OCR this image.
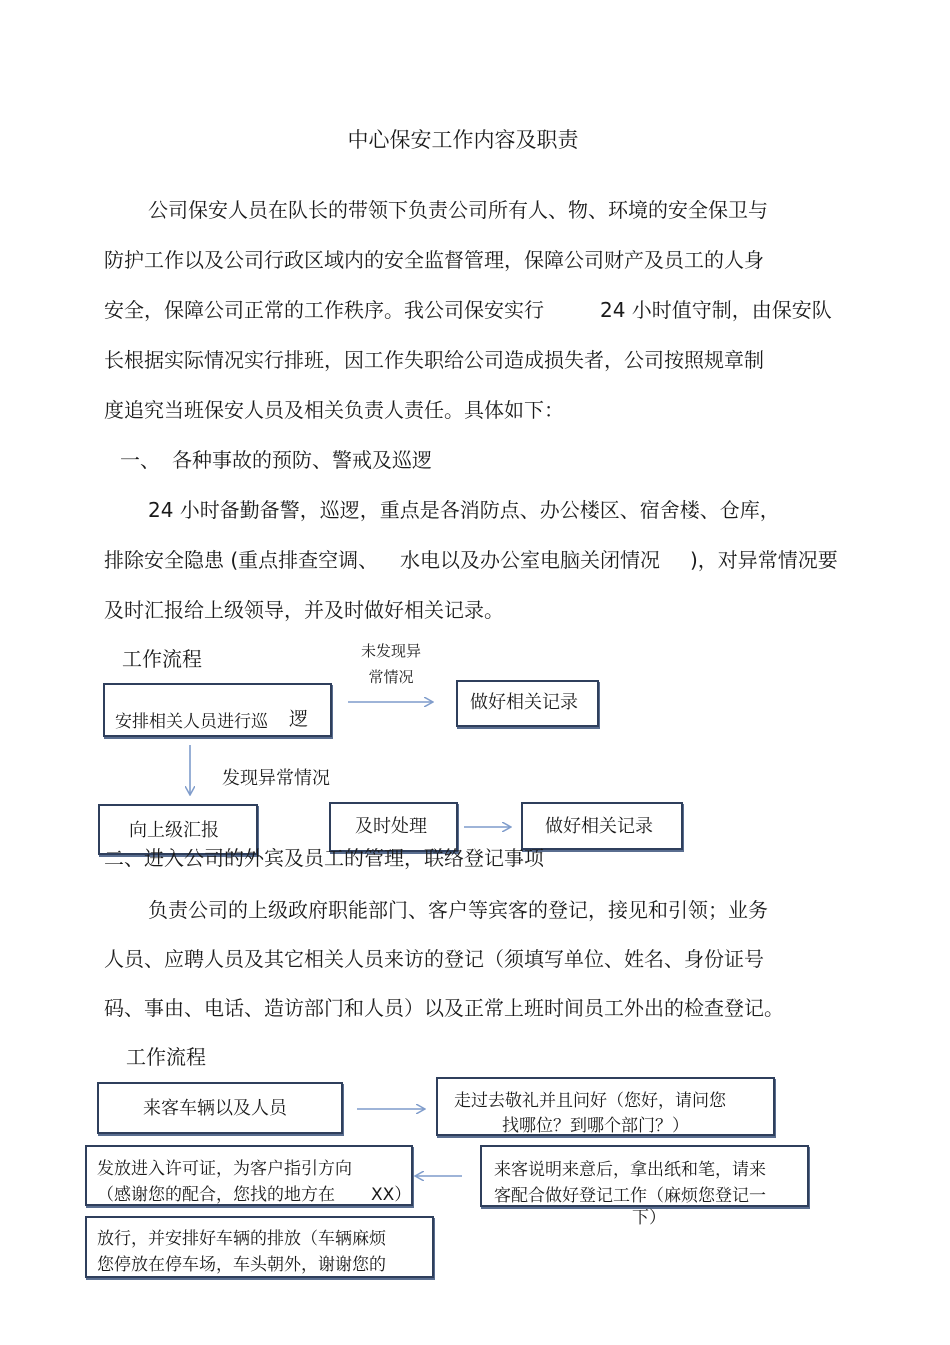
中心保安工作内容及职责
公司保安人员在队长的带领下负责公司所有人、物、环境的安全保卫与
防护工作以及公司行政区域内的安全监督管理，保障公司财产及员工的人身
安全，保障公司正常的工作秩序。我公司保安实行	24 小时值守制，由保安队
长根据实际情况实行排班，因工作失职给公司造成损失者，公司按照规章制
度追究当班保安人员及相关负责人责任。具体如下：
一、 各种事故的预防、警戒及巡逻
24 小时备勤备警，巡逻，重点是各消防点、办公楼区、宿舍楼、仓库，
排除安全隐患 (重点排查空调、 水电以及办公室电脑关闭情况 )，对异常情况要
及时汇报给上级领导，并及时做好相关记录。
工作流程	未发现异
常情况
安排相关人员进行巡 逻
做好相关记录
发现异常情况
向上级汇报	及时处理	做好相关记录
二、进入公司的外宾及员工的管理，联络登记事项
负责公司的上级政府职能部门、客户等宾客的登记，接见和引领；业务
人员、应聘人员及其它相关人员来访的登记（须填写单位、姓名、身份证号
码、事由、电话、造访部门和人员）以及正常上班时间员工外出的检查登记。
工作流程
来客车辆以及人员	走过去敬礼并且问好（您好，请问您
找哪位？到哪个部门？）
来客说明来意后，拿出纸和笔，请来
客配合做好登记工作（麻烦您登记一
下）
发放进入许可证，为客户指引方向
（感谢您的配合，您找的地方在 XX）
放行，并安排好车辆的排放（车辆麻烦
您停放在停车场，车头朝外，谢谢您的
